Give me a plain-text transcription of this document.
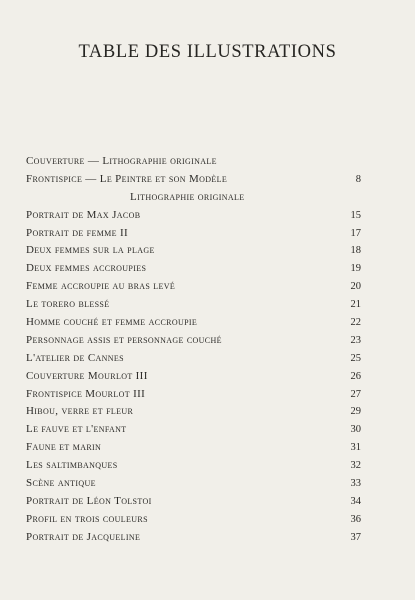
TABLE DES ILLUSTRATIONS
Couverture — Lithographie originale
Frontispice — Le Peintre et son Modèle	8
Lithographie originale
Portrait de Max Jacob	15
Portrait de femme II	17
Deux femmes sur la plage	18
Deux femmes accroupies	19
Femme accroupie au bras levé	20
Le torero blessé	21
Homme couché et femme accroupie	22
Personnage assis et personnage couché	23
L'atelier de Cannes	25
Couverture Mourlot III	26
Frontispice Mourlot III	27
Hibou, verre et fleur	29
Le fauve et l'enfant	30
Faune et marin	31
Les saltimbanques	32
Scène antique	33
Portrait de Léon Tolstoi	34
Profil en trois couleurs	36
Portrait de Jacqueline	37
